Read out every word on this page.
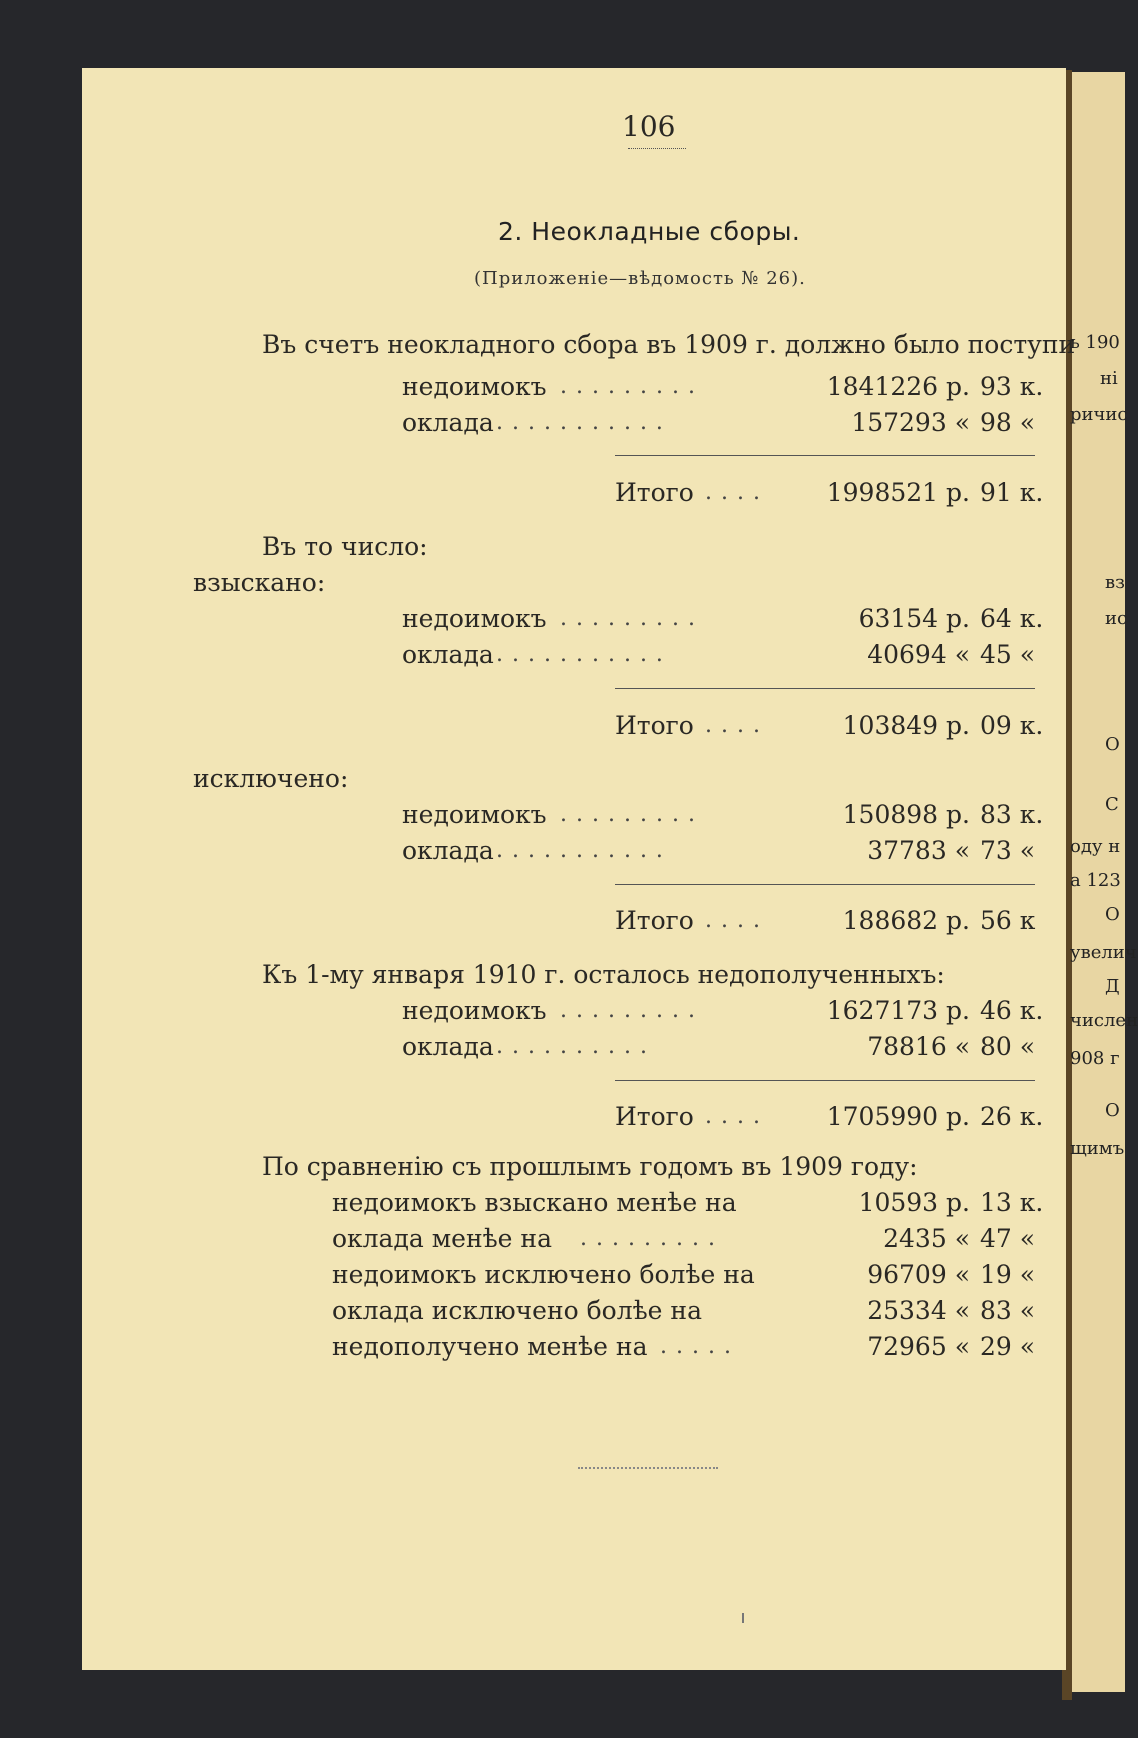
106
2. Неокладные сборы.
(Приложеніе—вѣдомость № 26).
Въ счетъ неокладного сбора въ 1909 г. должно было поступи
недоимокъ .........	1841226 р. 93 к.
оклада ...........	157293 « 98 «
Итого .... 1998521 р. 91 к.
Въ то число:
взыскано:
недоимокъ .........	63154 р. 64 к.
оклада ...........	40694 « 45 «
Итого ....	103849 р. 09 к.
исключено:
недоимокъ .........	150898 р. 83 к.
оклада ...........	37783 « 73 «
Итого ....	188682 р. 56 к
Къ 1-му января 1910 г. осталось недополученныхъ:
недоимокъ .........	1627173 р. 46 к.
оклада ..........	78816 « 80 «
Итого .... 1705990 р. 26 к.
По сравненію съ прошлымъ годомъ въ 1909 году:
недоимокъ взыскано менѣе на	10593 р. 13 к.
оклада менѣе на .........	2435 « 47 «
недоимокъ исключено болѣе на	96709 « 19 «
оклада исключено болѣе на	25334 « 83 «
недополучено менѣе на .....	72965 « 29 «
ь 190
ні
ричис
вз
ис
О
С
оду н
а 123
О
увелич
Д
числен
908 г
О
щимъ
